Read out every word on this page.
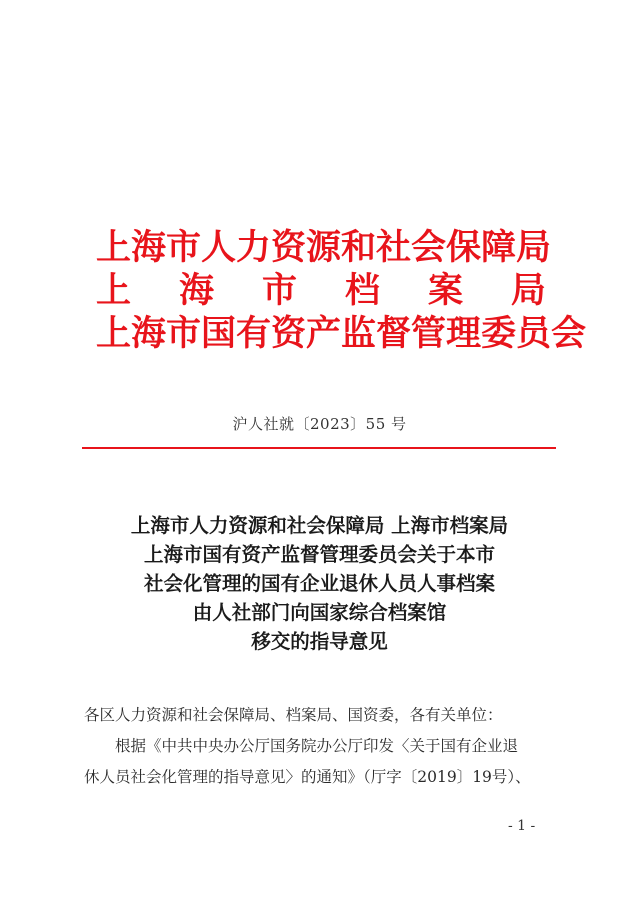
上海市人力资源和社会保障局
上 海 市 档 案 局
上海市国有资产监督管理委员会
沪人社就〔2023〕55 号
上海市人力资源和社会保障局 上海市档案局
上海市国有资产监督管理委员会关于本市
社会化管理的国有企业退休人员人事档案
由人社部门向国家综合档案馆
移交的指导意见
各区人力资源和社会保障局、档案局、国资委，各有关单位：
根据《中共中央办公厅国务院办公厅印发〈关于国有企业退
休人员社会化管理的指导意见〉的通知》（厅字〔2019〕19号）、
- 1 -
